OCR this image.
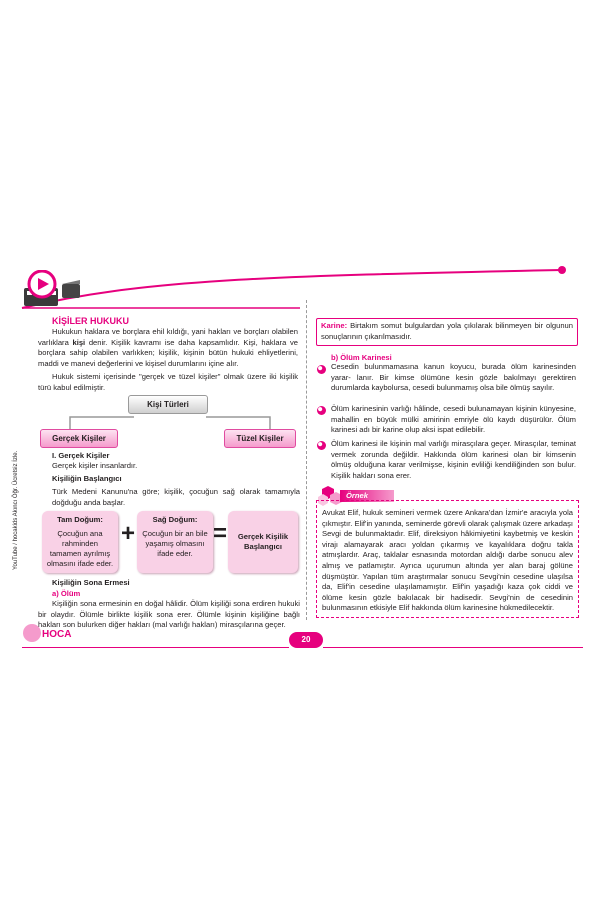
YouTube / hocakids Akıncı Öğr. Ücretsiz İzle.
KİŞİLER HUKUKU

Hukukun haklara ve borçlara ehil kıldığı, yani hakları ve borçları olabilen varlıklara kişi denir. Kişilik kavramı ise daha kapsamlıdır. Kişi, haklara ve borçlara sahip olabilen varlıkken; kişilik, kişinin bütün hukuki ehliyetlerini, maddi ve manevi değerlerini ve kişisel durumlarını içine alır.

Hukuk sistemi içerisinde "gerçek ve tüzel kişiler" olmak üzere iki kişilik türü kabul edilmiştir.

Kişi Türleri
Gerçek Kişiler	Tüzel Kişiler
I. Gerçek Kişiler
Gerçek kişiler insanlardır.
Kişiliğin Başlangıcı

Türk Medeni Kanunu'na göre; kişilik, çocuğun sağ olarak tamamıyla doğduğu anda başlar.

Tam Doğum:
Çocuğun ana rahminden tamamen ayrılmış olmasını ifade eder.
+
Sağ Doğum:
Çocuğun bir an bile yaşamış olmasını ifade eder.
=	Gerçek Kişilik Başlangıcı
Kişiliğin Sona Ermesi
a) Ölüm

Kişiliğin sona ermesinin en doğal hâlidir. Ölüm kişiliği sona erdiren hukuki bir olaydır. Ölümle birlikte kişilik sona erer. Ölümle kişinin kişiliğine bağlı hakları son bulurken diğer hakları (mal varlığı hakları) mirasçılarına geçer.

HOCA	20

Karine: Birtakım somut bulgulardan yola çıkılarak bilinmeyen bir olgunun sonuçlarının çıkarılmasıdır.

b) Ölüm Karinesi

Cesedin bulunmamasına kanun koyucu, burada ölüm karinesinden yarar- lanır. Bir kimse ölümüne kesin gözle bakılmayı gerektiren durumlarda kaybolursa, cesedi bulunmamış olsa bile ölmüş sayılır.

Ölüm karinesinin varlığı hâlinde, cesedi bulunamayan kişinin künyesine, mahallin en büyük mülki amirinin emriyle ölü kaydı düşürülür. Ölüm karinesi adı bir karine olup aksi ispat edilebilir.

Ölüm karinesi ile kişinin mal varlığı mirasçılara geçer. Mirasçılar, teminat vermek zorunda değildir. Hakkında ölüm karinesi olan bir kimsenin ölmüş olduğuna karar verilmişse, kişinin evliliği kendiliğinden son bulur. Kişilik hakları sona erer.

Örnek

Avukat Elif, hukuk semineri vermek üzere Ankara'dan İzmir'e aracıyla yola çıkmıştır. Elif'in yanında, seminerde görevli olarak çalışmak üzere arkadaşı Sevgi de bulunmaktadır. Elif, direksiyon hâkimiyetini kaybetmiş ve keskin virajı alamayarak aracı yoldan çıkarmış ve kayalıklara doğru takla atmışlardır. Araç, taklalar esnasında motordan aldığı darbe sonucu alev almış ve patlamıştır. Ayrıca uçurumun altında yer alan baraj gölüne düşmüştür. Yapılan tüm araştırmalar sonucu Sevgi'nin cesedine ulaşılsa da, Elif'in cesedine ulaşılamamıştır. Elif'in yaşadığı kaza çok ciddi ve ölüme kesin gözle bakılacak bir hadisedir. Sevgi'nin de cesedinin bulunmasının etkisiyle Elif hakkında ölüm karinesine hükmedilecektir.
